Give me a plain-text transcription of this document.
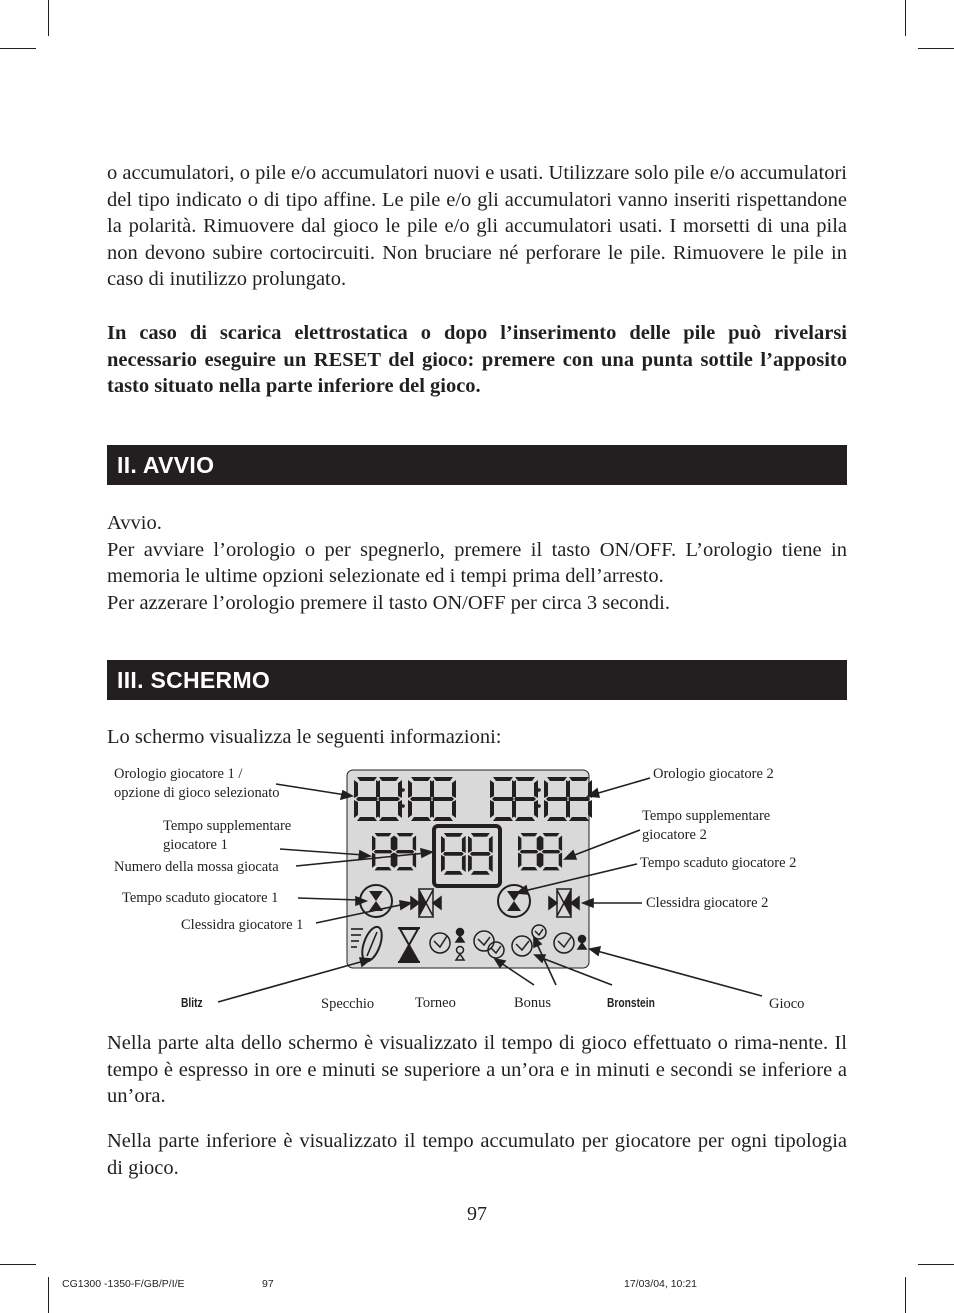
o accumulatori, o pile e/o accumulatori nuovi e usati. Utilizzare solo pile e/o accumulatori del tipo indicato o di tipo affine. Le pile e/o gli accumulatori vanno inseriti rispettandone la polarità. Rimuovere dal gioco le pile e/o gli accumulatori usati. I morsetti di una pila non devono subire cortocircuiti. Non bruciare né perforare le pile. Rimuovere le pile in caso di inutilizzo prolungato.

In caso di scarica elettrostatica o dopo l’inserimento delle pile può rivelarsi necessario eseguire un RESET del gioco: premere con una punta sottile l’apposito tasto situato nella parte inferiore del gioco.

II. AVVIO

Avvio.

Per avviare l’orologio o per spegnerlo, premere il tasto ON/OFF. L’orologio tiene in memoria le ultime opzioni selezionate ed i tempi prima dell’arresto.

Per azzerare l’orologio premere il tasto ON/OFF per circa 3 secondi.

III. SCHERMO

Lo schermo visualizza le seguenti informazioni:

Orologio giocatore 1 /
opzione di gioco selezionato
Tempo supplementare
giocatore 1
Numero della mossa giocata
Tempo scaduto giocatore 1
Clessidra giocatore 1
Orologio giocatore 2
Tempo supplementare
giocatore 2
Tempo scaduto giocatore 2
Clessidra giocatore 2
Blitz	Specchio	Torneo	Bonus	Bronstein	Gioco

Nella parte alta dello schermo è visualizzato il tempo di gioco effettuato o rima-nente. Il tempo è espresso in ore e minuti se superiore a un’ora e in minuti e secondi se inferiore a un’ora.

Nella parte inferiore è visualizzato il tempo accumulato per giocatore per ogni tipologia di gioco.

97
CG1300 -1350-F/GB/P/I/E	97	17/03/04, 10:21
